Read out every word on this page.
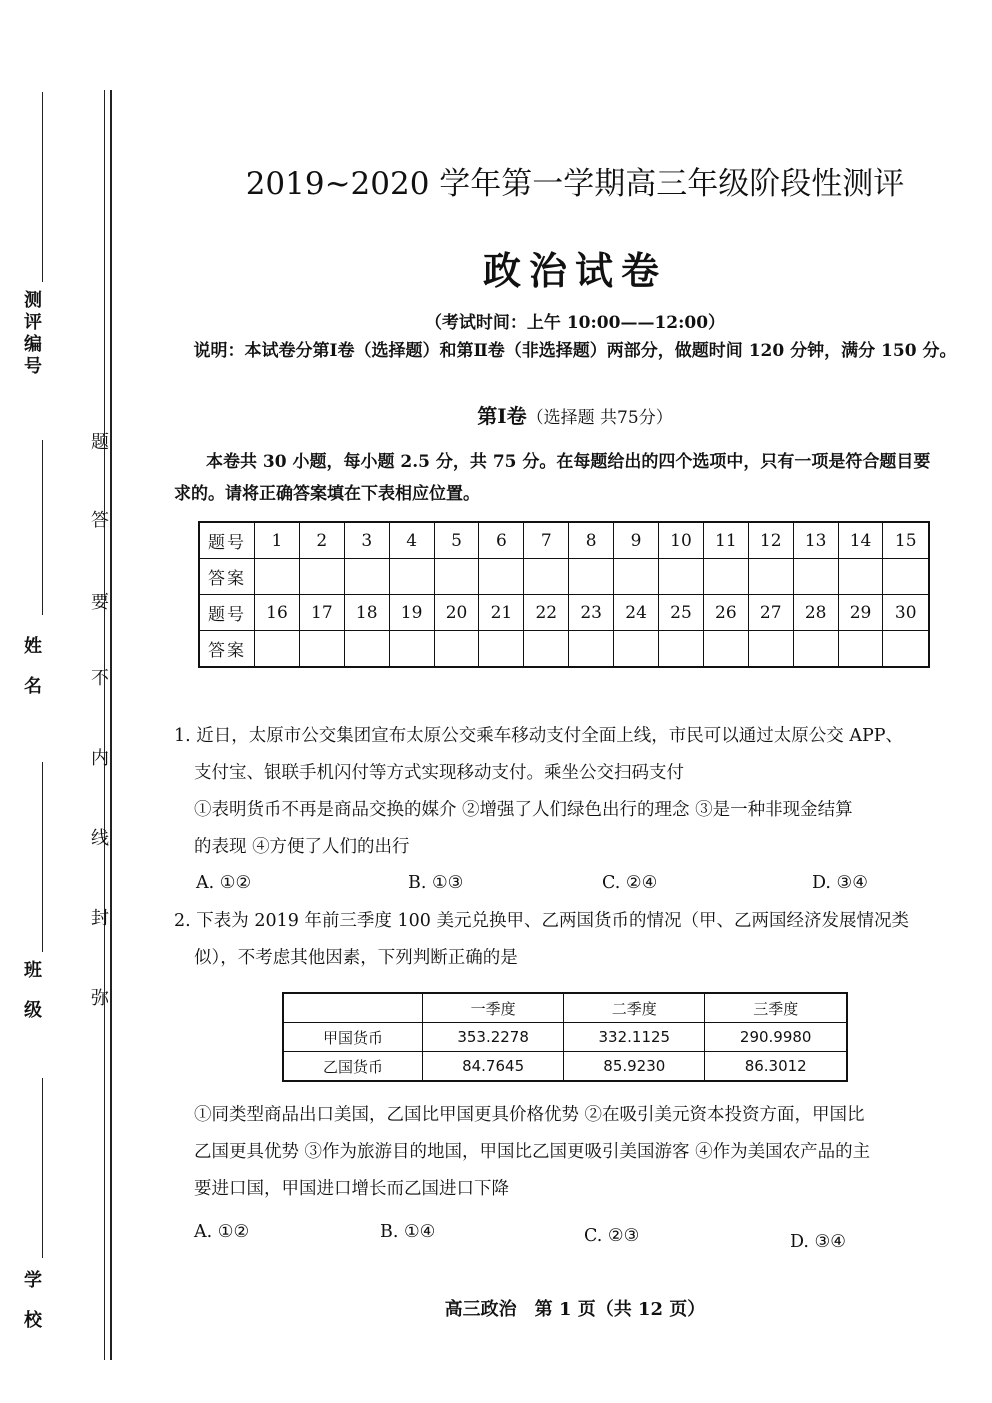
测评编号
姓　名
班　级
学　校
题
答
要
不
内
线
封
弥
2019~2020 学年第一学期高三年级阶段性测评
政治试卷
（考试时间：上午 10:00——12:00）
说明：本试卷分第Ⅰ卷（选择题）和第Ⅱ卷（非选择题）两部分，做题时间 120 分钟，满分 150 分。
第Ⅰ卷（选择题 共75分）
本卷共 30 小题，每小题 2.5 分，共 75 分。在每题给出的四个选项中，只有一项是符合题目要求的。请将正确答案填在下表相应位置。
题号	1	2	3	4	5	6	7	8	9	10	11	12	13	14	15
答案															
题号	16	17	18	19	20	21	22	23	24	25	26	27	28	29	30
答案															
1. 近日，太原市公交集团宣布太原公交乘车移动支付全面上线，市民可以通过太原公交 APP、
支付宝、银联手机闪付等方式实现移动支付。乘坐公交扫码支付
①表明货币不再是商品交换的媒介 ②增强了人们绿色出行的理念 ③是一种非现金结算
的表现 ④方便了人们的出行
A. ①②	B. ①③	C. ②④	D. ③④
2. 下表为 2019 年前三季度 100 美元兑换甲、乙两国货币的情况（甲、乙两国经济发展情况类
似），不考虑其他因素，下列判断正确的是
	一季度	二季度	三季度
甲国货币	353.2278	332.1125	290.9980
乙国货币	84.7645	85.9230	86.3012
①同类型商品出口美国，乙国比甲国更具价格优势 ②在吸引美元资本投资方面，甲国比
乙国更具优势 ③作为旅游目的地国，甲国比乙国更吸引美国游客 ④作为美国农产品的主
要进口国，甲国进口增长而乙国进口下降
A. ①②	B. ①④	C. ②③	D. ③④
高三政治　第 1 页（共 12 页）
